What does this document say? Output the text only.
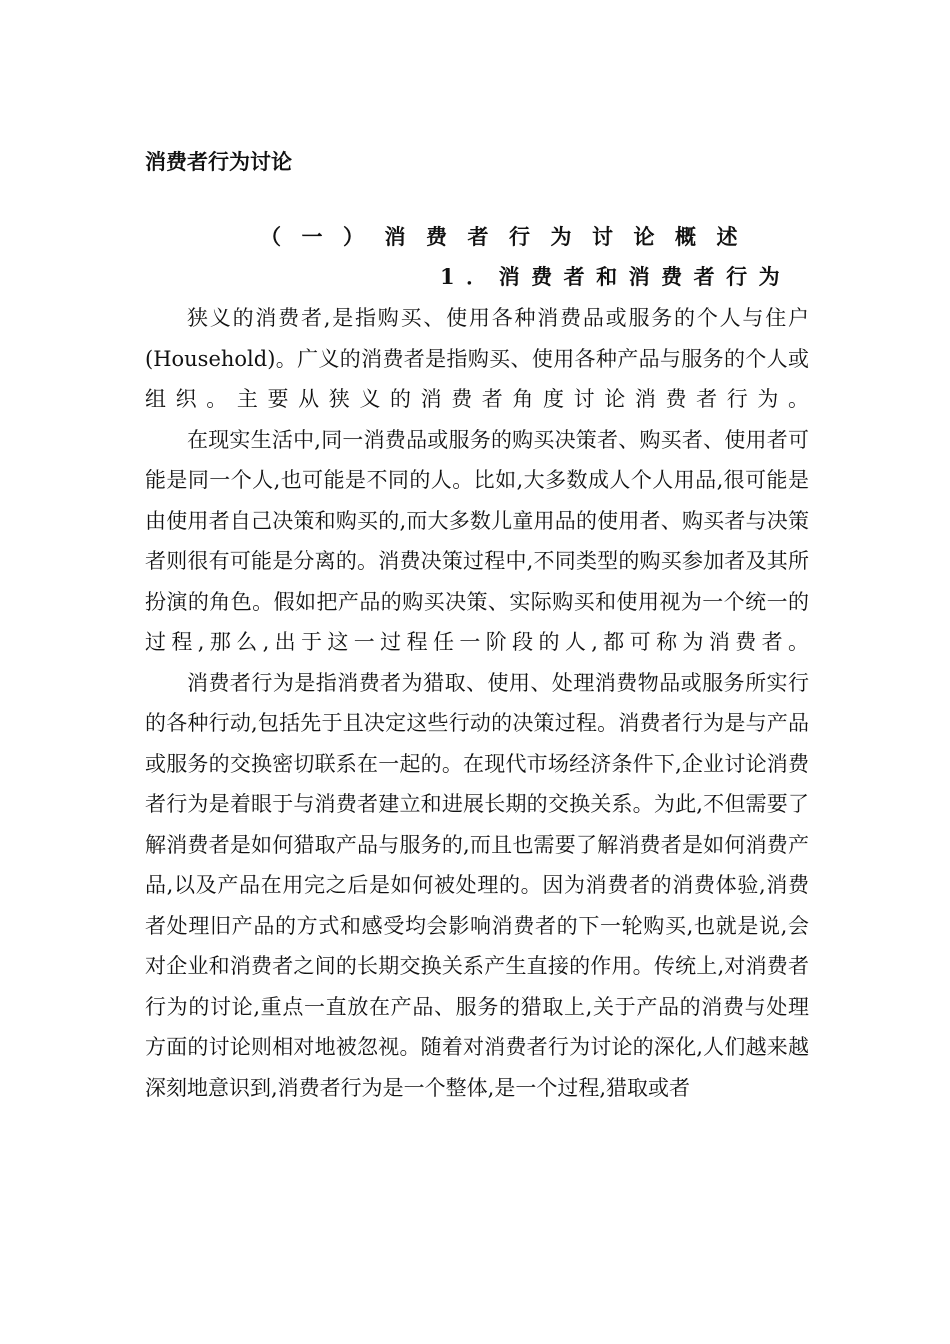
消费者行为讨论
（一）消费者行为讨论概述
1．消费者和消费者行为

狭义的消费者,是指购买、使用各种消费品或服务的个人与住户(Household)。广义的消费者是指购买、使用各种产品与服务的个人或组织。主要从狭义的消费者角度讨论消费者行为。

在现实生活中,同一消费品或服务的购买决策者、购买者、使用者可能是同一个人,也可能是不同的人。比如,大多数成人个人用品,很可能是由使用者自己决策和购买的,而大多数儿童用品的使用者、购买者与决策者则很有可能是分离的。消费决策过程中,不同类型的购买参加者及其所扮演的角色。假如把产品的购买决策、实际购买和使用视为一个统一的过程,那么,出于这一过程任一阶段的人,都可称为消费者。

消费者行为是指消费者为猎取、使用、处理消费物品或服务所实行的各种行动,包括先于且决定这些行动的决策过程。消费者行为是与产品或服务的交换密切联系在一起的。在现代市场经济条件下,企业讨论消费者行为是着眼于与消费者建立和进展长期的交换关系。为此,不但需要了解消费者是如何猎取产品与服务的,而且也需要了解消费者是如何消费产品,以及产品在用完之后是如何被处理的。因为消费者的消费体验,消费者处理旧产品的方式和感受均会影响消费者的下一轮购买,也就是说,会对企业和消费者之间的长期交换关系产生直接的作用。传统上,对消费者行为的讨论,重点一直放在产品、服务的猎取上,关于产品的消费与处理方面的讨论则相对地被忽视。随着对消费者行为讨论的深化,人们越来越深刻地意识到,消费者行为是一个整体,是一个过程,猎取或者
